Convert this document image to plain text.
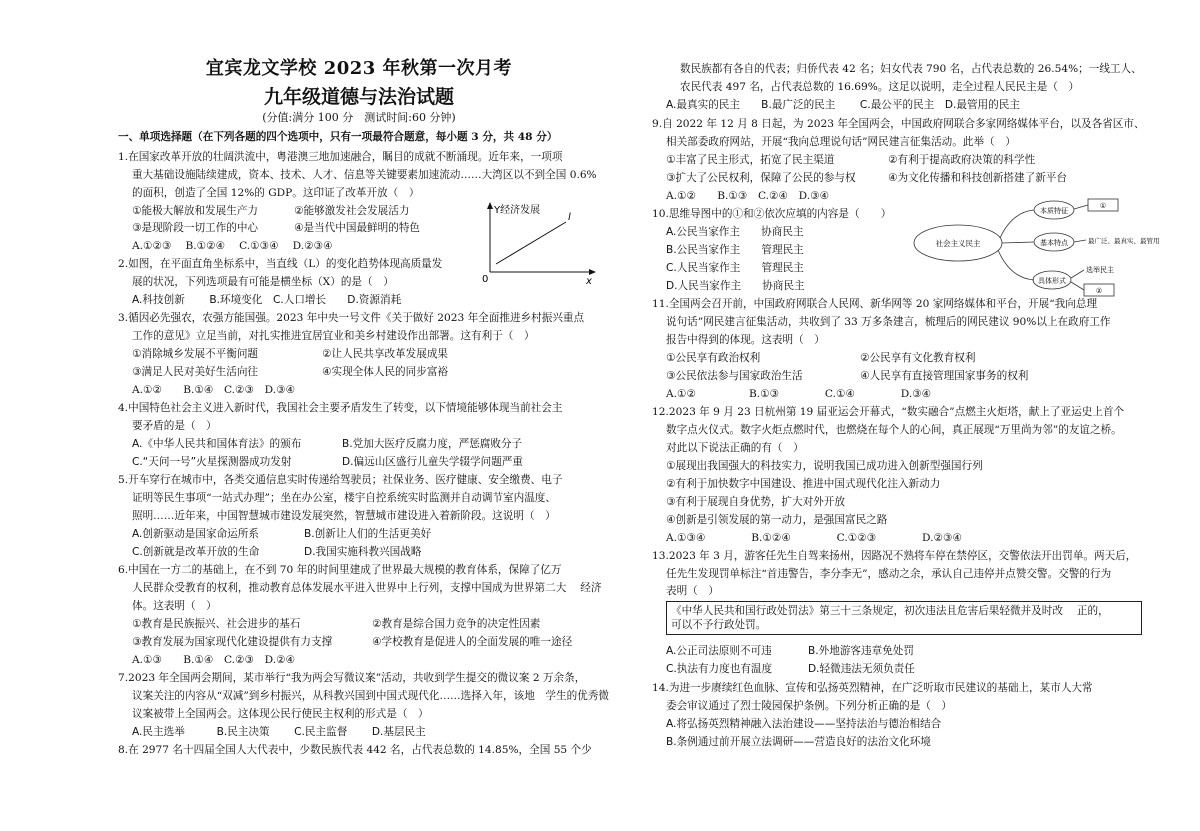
宜宾龙文学校 2023 年秋第一次月考
九年级道德与法治试题
(分值:满分 100 分　测试时间:60 分钟)
一、单项选择题（在下列各题的四个选项中，只有一项最符合题意，每小题 3 分，共 48 分）
1.在国家改革开放的壮阔洪流中，粤港澳三地加速融合，瞩目的成就不断涌现。近年来，一项项
重大基础设施陆续建成，资本、技术、人才、信息等关键要素加速流动……大湾区以不到全国 0.6%
的面积，创造了全国 12%的 GDP。这印证了改革开放（　）
①能极大解放和发展生产力	②能够激发社会发展活力
③是现阶段一切工作的中心	④是当代中国最鲜明的特色
A.①②③　 B.①②④　 C.①③④　 D.②③④
2.如图，在平面直角坐标系中，当直线（L）的变化趋势体现高质量发
展的状况，下列选项最有可能是横坐标（X）的是（　）
A.科技创新　　 B.环境变化　C.人口增长　　D.资源消耗
Y经济发展
0
l
x
3.循因必先强农，农强方能国强。2023 年中央一号文件《关于做好 2023 年全面推进乡村振兴重点
工作的意见》立足当前，对扎实推进宜居宜业和美乡村建设作出部署。这有利于（　）
①消除城乡发展不平衡问题	②让人民共享改革发展成果
③满足人民对美好生活向往	④实现全体人民的同步富裕
A.①②　　B.①④　C.②③　D.③④
4.中国特色社会主义进入新时代，我国社会主要矛盾发生了转变，以下情境能够体现当前社会主
要矛盾的是（　）
A.《中华人民共和国体育法》的颁布	B.党加大医疗反腐力度，严惩腐败分子
C.“天问一号”火星探测器成功发射	D.偏远山区盛行儿童失学辍学问题严重
5.开车穿行在城市中，各类交通信息实时传递给驾驶员；社保业务、医疗健康、安全缴费、电子
证明等民生事项“一站式办理”；坐在办公室，楼宇自控系统实时监测并自动调节室内温度、
照明……近年来，中国智慧城市建设发展突然，智慧城市建设进入着新阶段。这说明（　）
A.创新驱动是国家命运所系	B.创新让人们的生活更美好
C.创新就是改革开放的生命	D.我国实施科教兴国战略
6.中国在一方二的基础上，在不到 70 年的时间里建成了世界最大规模的教育体系，保障了亿万
人民群众受教育的权利，推动教育总体发展水平进入世界中上行列，支撑中国成为世界第二大　 经济
体。这表明（　）
①教育是民族振兴、社会进步的基石	②教育是综合国力竞争的决定性因素
③教育发展为国家现代化建设提供有力支撑	④学校教育是促进人的全面发展的唯一途径
A.①③　　B.①④　C.②③　D.②④
7.2023 年全国两会期间，某市举行“我为两会写微议案”活动，共收到学生提交的微议案 2 万余条，
议案关注的内容从“双减”到乡村振兴，从科教兴国到中国式现代化……选择入年，该地　学生的优秀微
议案被带上全国两会。这体现公民行使民主权利的形式是（　）
A.民主选举　　　B.民主决策　　 C.民主监督　　 D.基层民主
8.在 2977 名十四届全国人大代表中，少数民族代表 442 名，占代表总数的 14.85%，全国 55 个少
数民族都有各自的代表；归侨代表 42 名；妇女代表 790 名，占代表总数的 26.54%；一线工人、
农民代表 497 名，占代表总数的 16.69%。这足以说明，走全过程人民民主是（　）
A.最真实的民主　　B.最广泛的民主　　 C.最公平的民主　D.最管用的民主
9.自 2022 年 12 月 8 日起，为 2023 年全国两会，中国政府网联合多家网络媒体平台，以及各省区市、
相关部委政府网站，开展“我向总理说句话”网民建言征集活动。此举（　）
①丰富了民主形式，拓宽了民主渠道	②有利于提高政府决策的科学性
③扩大了公民权利，保障了公民的参与权	④为文化传播和科技创新搭建了新平台
A.①②　　B.①③　C.②④　D.③④
10.思维导图中的①和②依次应填的内容是（　　）
A.公民当家作主　　协商民主
B.公民当家作主　　管理民主
C.人民当家作主　　管理民主
D.人民当家作主　　协商民主
社会主义民主
本质特征
①
基本特点	最广泛、最真实、最管用
具体形式
选举民主
②
11.全国两会召开前，中国政府网联合人民网、新华网等 20 家网络媒体和平台，开展“我向总理
说句话”网民建言征集活动，共收到了 33 万多条建言，梳理后的网民建议 90%以上在政府工作
报告中得到的体现。这表明（　）
①公民享有政治权利	②公民享有文化教育权利
③公民依法参与国家政治生活	④人民享有直接管理国家事务的权利
A.①②　　　　　B.①③　　　　 C.①④　　　　 D.③④
12.2023 年 9 月 23 日杭州第 19 届亚运会开幕式，“数实融合”点燃主火炬塔，献上了亚运史上首个
数字点火仪式。数字火炬点燃时代，也燃烧在每个人的心间，真正展现“万里尚为邻”的友谊之桥。
对此以下说法正确的有（　）
①展现出我国强大的科技实力，说明我国已成功进入创新型强国行列
②有利于加快数字中国建设、推进中国式现代化注入新动力
③有利于展现自身优势，扩大对外开放
④创新是引领发展的第一动力，是强国富民之路
A.①③④　　　　 B.①②④　　　　 C.①②③　　　　 D.②③④
13.2023 年 3 月，游客任先生自驾来扬州，因路况不熟将车停在禁停区，交警依法开出罚单。两天后，
任先生发现罚单标注“首违警告，李分李无”，感动之余，承认自己违停并点赞交警。交警的行为
表明（　）
《中华人民共和国行政处罚法》第三十三条规定，初次违法且危害后果轻微并及时改　 正的，
可以不予行政处罚。
A.公正司法原则不可违	B.外地游客违章免处罚
C.执法有力度也有温度	D.轻微违法无须负责任
14.为进一步赓续红色血脉、宣传和弘扬英烈精神，在广泛听取市民建议的基础上，某市人大常
委会审议通过了烈士陵园保护条例。下列分析正确的是（　）
A.将弘扬英烈精神融入法治建设——坚持法治与德治相结合
B.条例通过前开展立法调研——营造良好的法治文化环境
